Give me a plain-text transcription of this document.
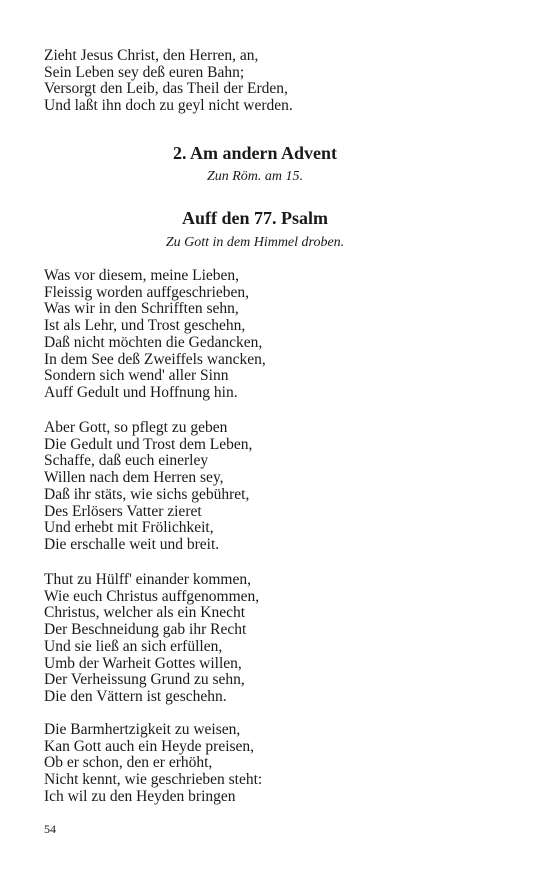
Zieht Jesus Christ, den Herren, an,
Sein Leben sey deß euren Bahn;
Versorgt den Leib, das Theil der Erden,
Und laßt ihn doch zu geyl nicht werden.
2. Am andern Advent
Zun Röm. am 15.
Auff den 77. Psalm
Zu Gott in dem Himmel droben.
Was vor diesem, meine Lieben,
Fleissig worden auffgeschrieben,
Was wir in den Schrifften sehn,
Ist als Lehr, und Trost geschehn,
Daß nicht möchten die Gedancken,
In dem See deß Zweiffels wancken,
Sondern sich wend' aller Sinn
Auff Gedult und Hoffnung hin.
Aber Gott, so pflegt zu geben
Die Gedult und Trost dem Leben,
Schaffe, daß euch einerley
Willen nach dem Herren sey,
Daß ihr stäts, wie sichs gebühret,
Des Erlösers Vatter zieret
Und erhebt mit Frölichkeit,
Die erschalle weit und breit.
Thut zu Hülff' einander kommen,
Wie euch Christus auffgenommen,
Christus, welcher als ein Knecht
Der Beschneidung gab ihr Recht
Und sie ließ an sich erfüllen,
Umb der Warheit Gottes willen,
Der Verheissung Grund zu sehn,
Die den Vättern ist geschehn.
Die Barmhertzigkeit zu weisen,
Kan Gott auch ein Heyde preisen,
Ob er schon, den er erhöht,
Nicht kennt, wie geschrieben steht:
Ich wil zu den Heyden bringen
54
